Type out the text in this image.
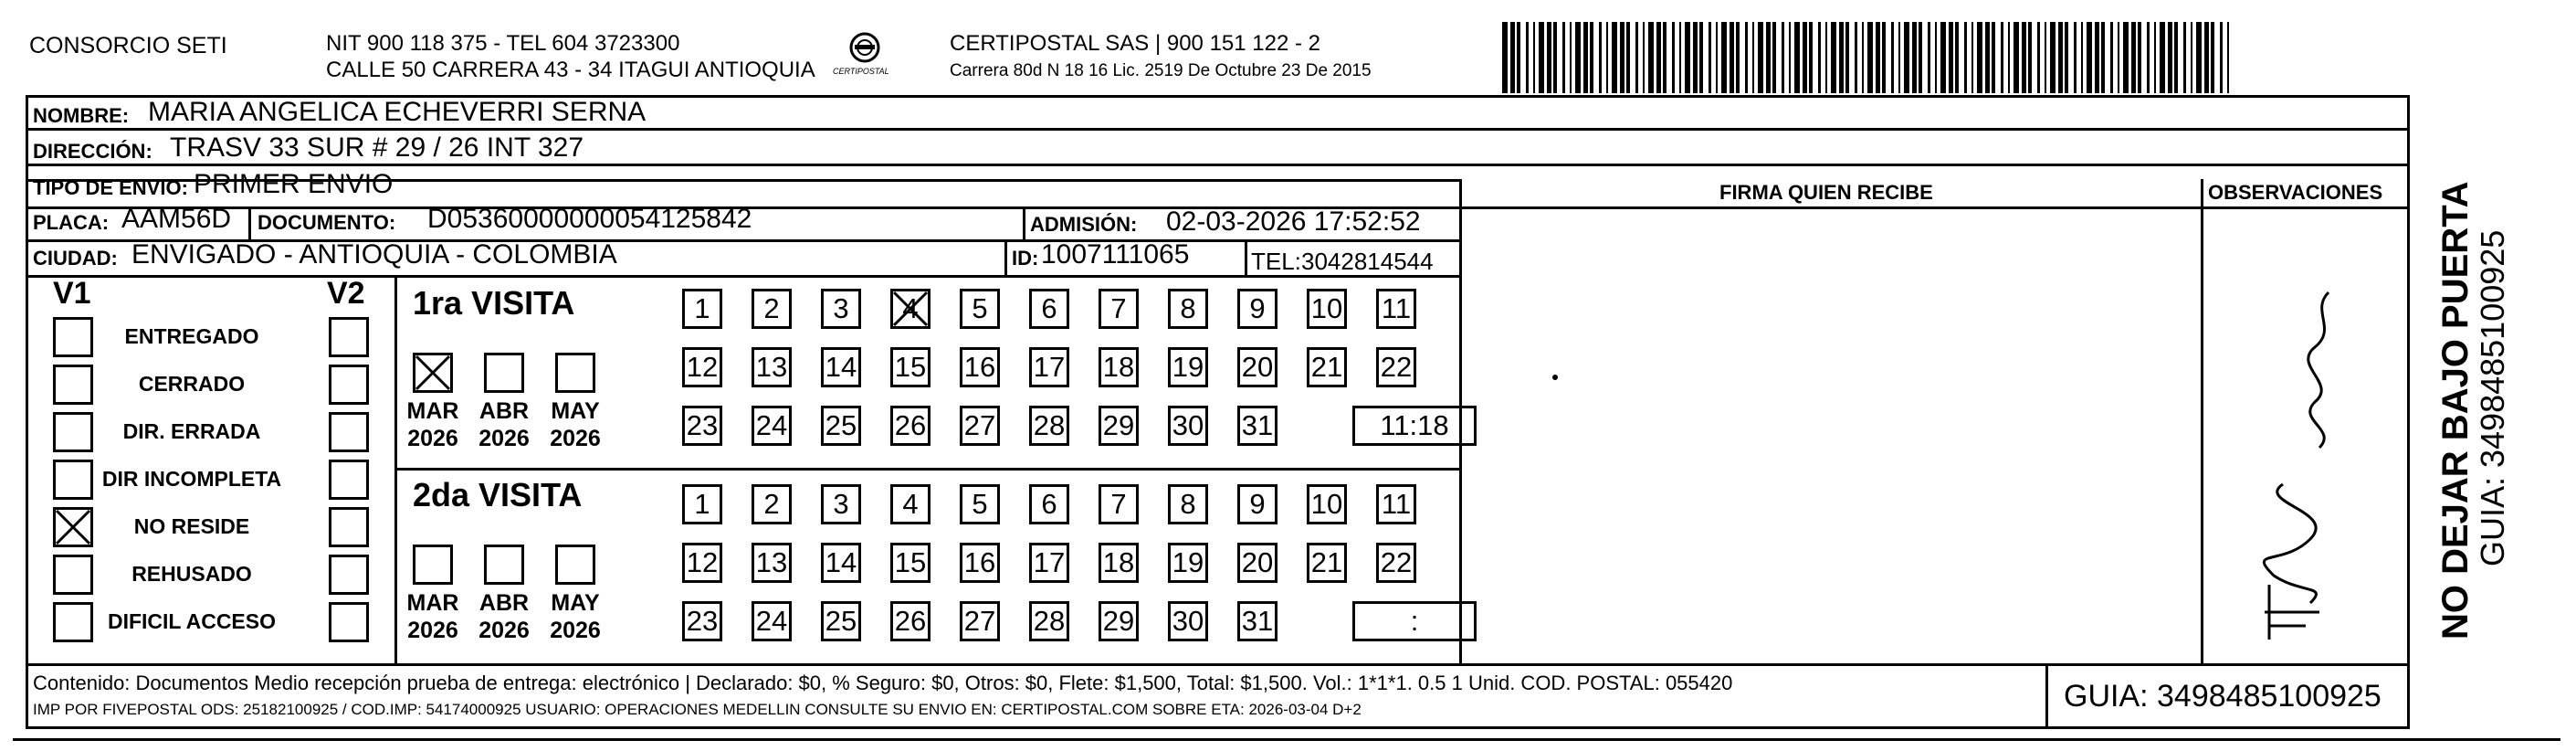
CONSORCIO SETI	NIT 900 118 375 - TEL 604 3723300
CALLE 50 CARRERA 43 - 34 ITAGUI ANTIOQUIA CERTIPOSTAL
CERTIPOSTAL SAS | 900 151 122 - 2
Carrera 80d N 18 16 Lic. 2519 De Octubre 23 De 2015
NOMBRE: MARIA ANGELICA ECHEVERRI SERNA
DIRECCIÓN: TRASV 33 SUR # 29 / 26 INT 327
FIRMA QUIEN RECIBE	OBSERVACIONES
TIPO DE ENVIO: PRIMER ENVIO
PLACA: AAM56D DOCUMENTO: D05360000000054125842	ADMISIÓN: 02-03-2026 17:52:52
CIUDAD: ENVIGADO - ANTIOQUIA - COLOMBIA	ID: 1007111065	TEL: 3042814544
V1	V2
ENTREGADO
CERRADO
DIR. ERRADA
DIR INCOMPLETA
NO RESIDE
REHUSADO
DIFICIL ACCESO
1ra VISITA
MAR
2026
ABR
2026
MAY
2026
1	2	3	4	5	6	7	8	9	10 11
12 13 14 15 16 17 18 19 20 21 22
23 24 25 26 27 28 29 30 31	11:18
2da VISITA
MAR
2026
ABR
2026
MAY
2026
1	2	3	4	5	6	7	8	9	10 11
12 13 14 15 16 17 18 19 20 21 22
23 24 25 26 27 28 29 30 31	:	NO DEJAR BAJO PUERTA
GUIA: 3498485100925
Contenido: Documentos Medio recepción prueba de entrega: electrónico | Declarado: $0, % Seguro: $0, Otros: $0, Flete: $1,500, Total: $1,500. Vol.: 1*1*1. 0.5 1 Unid. COD. POSTAL: 055420
IMP POR FIVEPOSTAL ODS: 25182100925 / COD.IMP: 54174000925 USUARIO: OPERACIONES MEDELLIN CONSULTE SU ENVIO EN: CERTIPOSTAL.COM SOBRE ETA: 2026-03-04 D+2	GUIA: 3498485100925
